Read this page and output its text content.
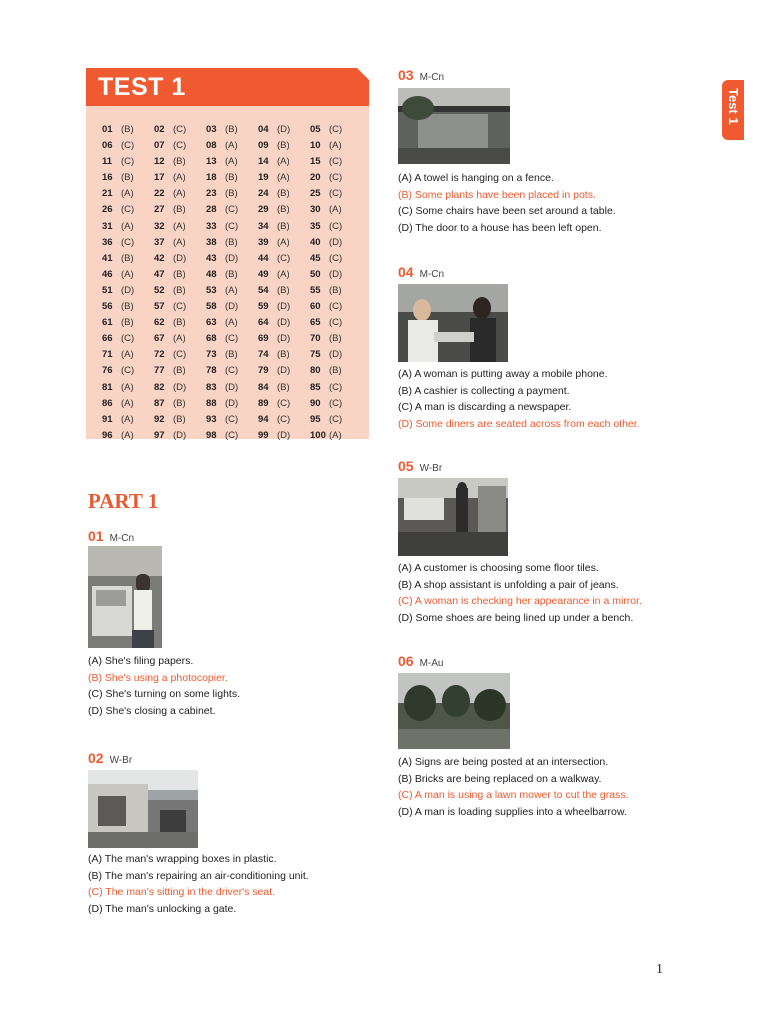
TEST 1
01 (B)	02 (C)	03 (B)	04 (D)	05 (C)
06 (C)	07 (C)	08 (A)	09 (B)	10 (A)
11 (C)	12 (B)	13 (A)	14 (A)	15 (C)
16 (B)	17 (A)	18 (B)	19 (A)	20 (C)
21 (A)	22 (A)	23 (B)	24 (B)	25 (C)
26 (C)	27 (B)	28 (C)	29 (B)	30 (A)
31 (A)	32 (A)	33 (C)	34 (B)	35 (C)
36 (C)	37 (A)	38 (B)	39 (A)	40 (D)
41 (B)	42 (D)	43 (D)	44 (C)	45 (C)
46 (A)	47 (B)	48 (B)	49 (A)	50 (D)
51 (D)	52 (B)	53 (A)	54 (B)	55 (B)
56 (B)	57 (C)	58 (D)	59 (D)	60 (C)
61 (B)	62 (B)	63 (A)	64 (D)	65 (C)
66 (C)	67 (A)	68 (C)	69 (D)	70 (B)
71 (A)	72 (C)	73 (B)	74 (B)	75 (D)
76 (C)	77 (B)	78 (C)	79 (D)	80 (B)
81 (A)	82 (D)	83 (D)	84 (B)	85 (C)
86 (A)	87 (B)	88 (D)	89 (C)	90 (C)
91 (A)	92 (B)	93 (C)	94 (C)	95 (C)
96 (A)	97 (D)	98 (C)	99 (D)	100 (A)
PART 1
01 M-Cn
(A) She's filing papers.
(B) She's using a photocopier.
(C) She's turning on some lights.
(D) She's closing a cabinet.
02 W-Br
(A) The man's wrapping boxes in plastic.
(B) The man's repairing an air-conditioning unit.
(C) The man's sitting in the driver's seat.
(D) The man's unlocking a gate.
03 M-Cn
(A) A towel is hanging on a fence.
(B) Some plants have been placed in pots.
(C) Some chairs have been set around a table.
(D) The door to a house has been left open.
04 M-Cn
(A) A woman is putting away a mobile phone.
(B) A cashier is collecting a payment.
(C) A man is discarding a newspaper.
(D) Some diners are seated across from each other.
05 W-Br
(A) A customer is choosing some floor tiles.
(B) A shop assistant is unfolding a pair of jeans.
(C) A woman is checking her appearance in a mirror.
(D) Some shoes are being lined up under a bench.
06 M-Au
(A) Signs are being posted at an intersection.
(B) Bricks are being replaced on a walkway.
(C) A man is using a lawn mower to cut the grass.
(D) A man is loading supplies into a wheelbarrow.
Test 1
1
